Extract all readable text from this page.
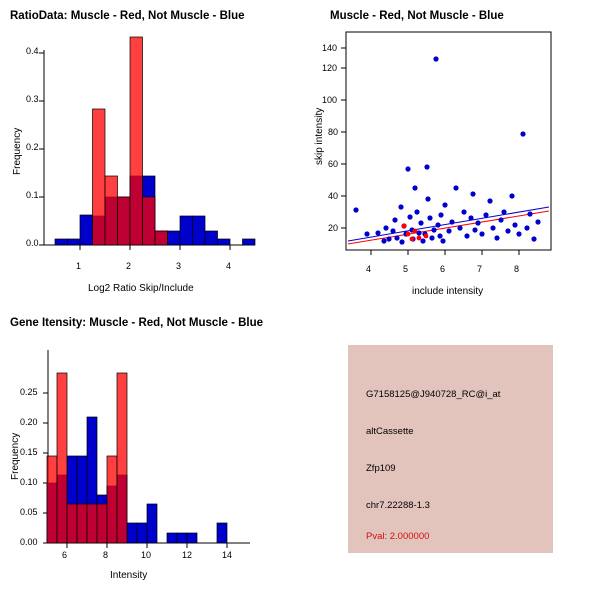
RatioData: Muscle - Red, Not Muscle - Blue
Frequency
Log2 Ratio Skip/Include
0.0
0.1
0.2
0.3
0.4
1	2	3	4
Muscle - Red, Not Muscle - Blue
skip intensity
include intensity
20
40
60
80
100
120
140
4	5	6	7	8
Gene Itensity: Muscle - Red, Not Muscle - Blue
Frequency
Intensity
0.00
0.05
0.10
0.15
0.20
0.25
6	8	10	12	14
G7158125@J940728_RC@i_at
altCassette
Zfp109
chr7.22288-1.3
Pval: 2.000000
